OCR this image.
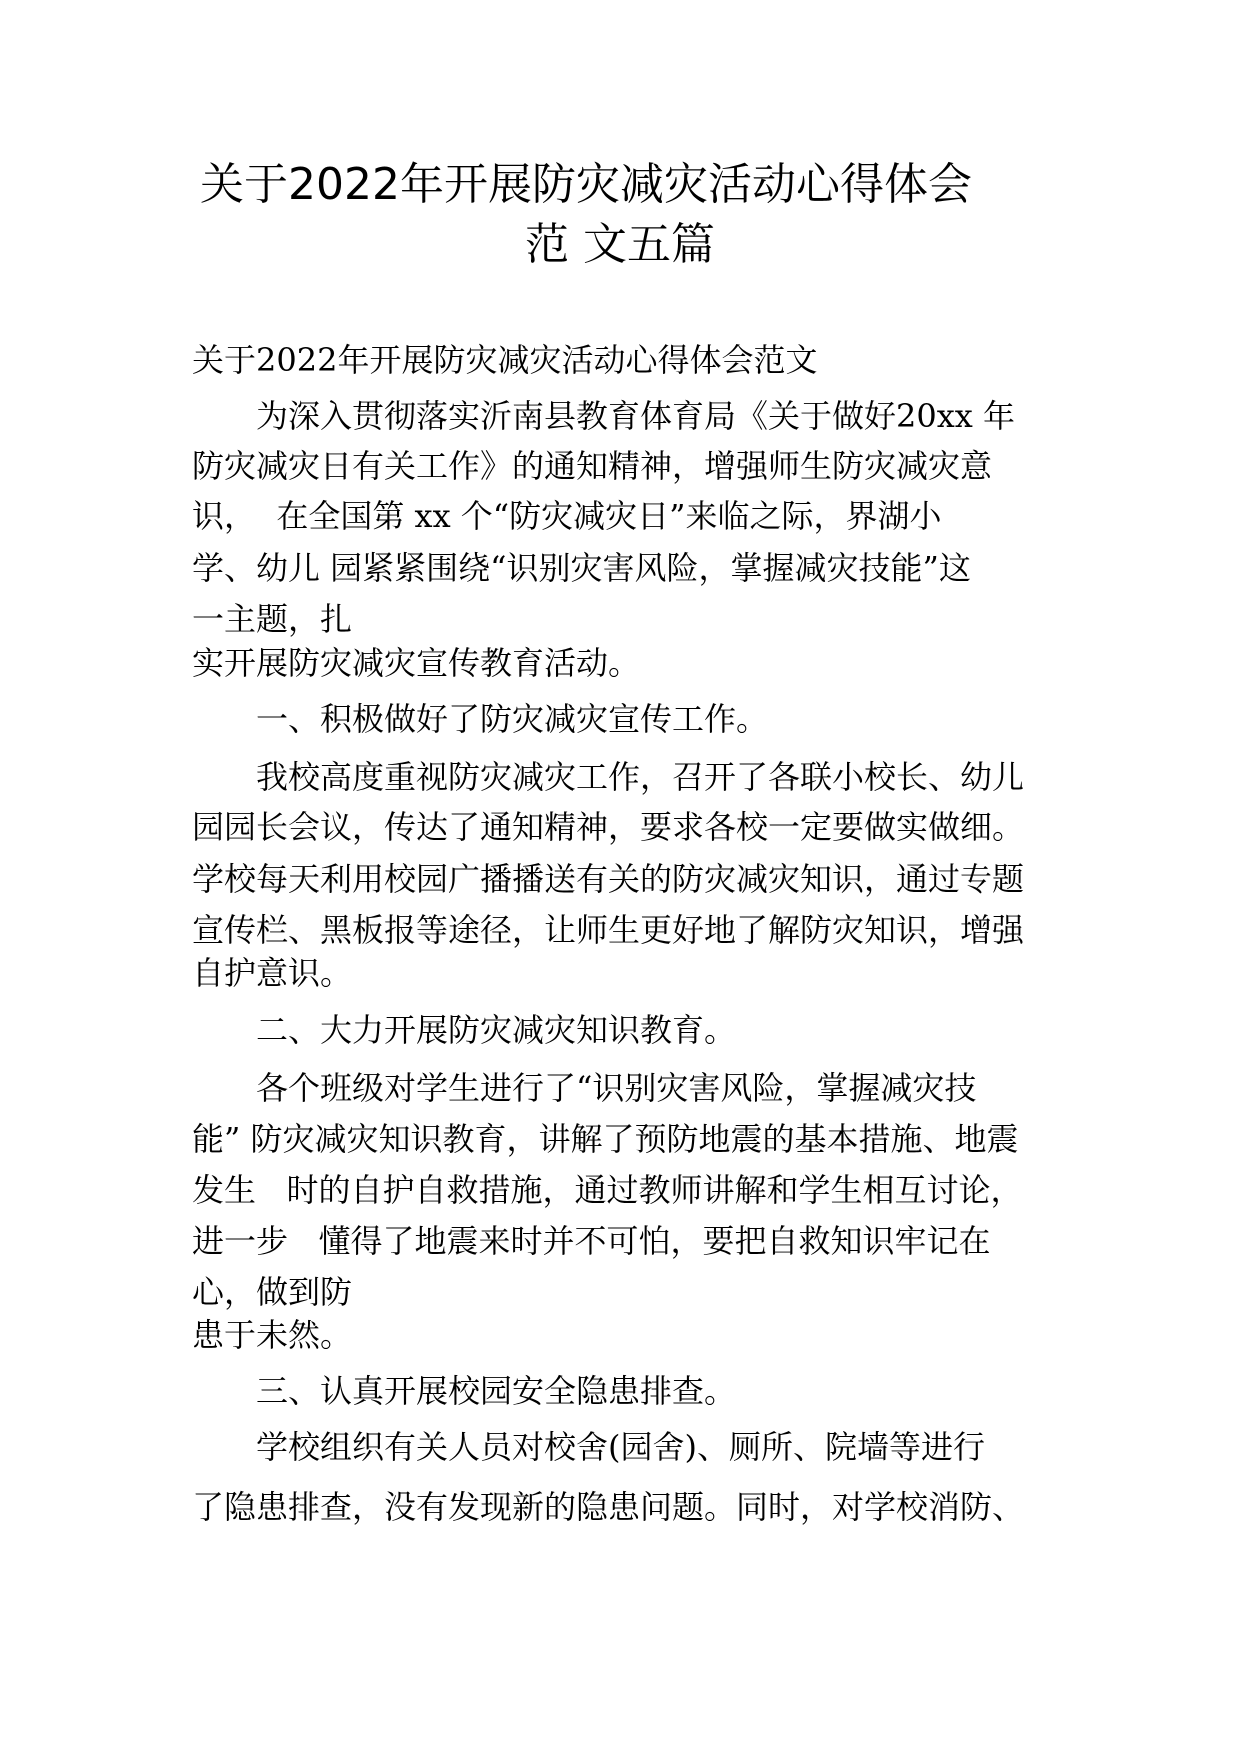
关于2022年开展防灾减灾活动心得体会
范 文五篇
关于2022年开展防灾减灾活动心得体会范文
为深入贯彻落实沂南县教育体育局《关于做好20xx 年
防灾减灾日有关工作》的通知精神，增强师生防灾减灾意
识，  在全国第 xx 个“防灾减灾日”来临之际，界湖小
学、幼儿 园紧紧围绕“识别灾害风险，掌握减灾技能”这
一主题，扎
实开展防灾减灾宣传教育活动。
一、积极做好了防灾减灾宣传工作。
我校高度重视防灾减灾工作，召开了各联小校长、幼儿
园园长会议，传达了通知精神，要求各校一定要做实做细。
学校每天利用校园广播播送有关的防灾减灾知识，通过专题
宣传栏、黑板报等途径，让师生更好地了解防灾知识，增强
自护意识。
二、大力开展防灾减灾知识教育。
各个班级对学生进行了“识别灾害风险，掌握减灾技
能” 防灾减灾知识教育，讲解了预防地震的基本措施、地震
发生   时的自护自救措施，通过教师讲解和学生相互讨论，
进一步   懂得了地震来时并不可怕，要把自救知识牢记在
心，做到防
患于未然。
三、认真开展校园安全隐患排查。
学校组织有关人员对校舍(园舍)、厕所、院墙等进行
了隐患排查，没有发现新的隐患问题。同时，对学校消防、
